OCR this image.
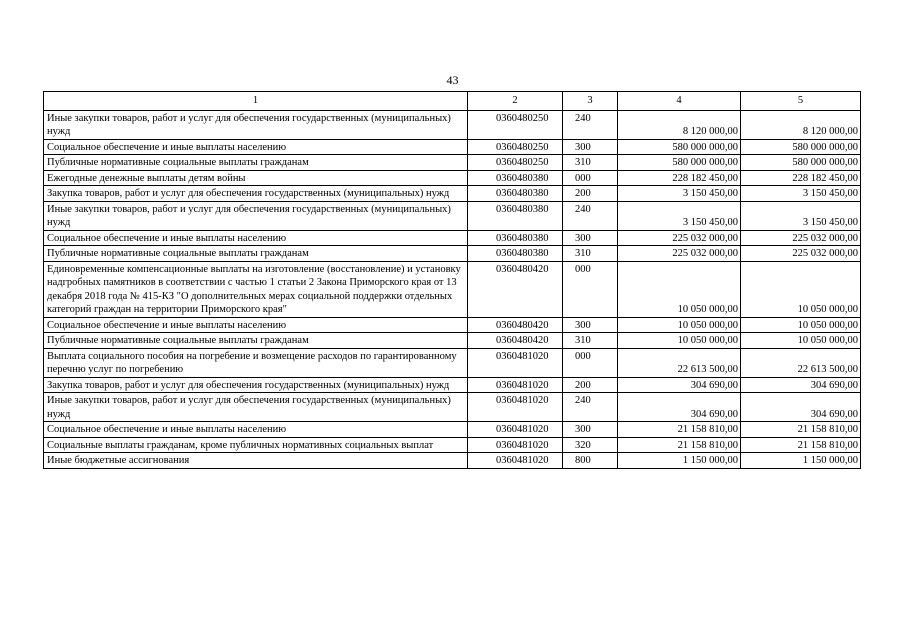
43
1	2	3	4	5
Иные закупки товаров, работ и услуг для обеспечения государственных (муниципальных) нужд	0360480250	240	8 120 000,00	8 120 000,00
Социальное обеспечение и иные выплаты населению	0360480250	300	580 000 000,00	580 000 000,00
Публичные нормативные социальные выплаты гражданам	0360480250	310	580 000 000,00	580 000 000,00
Ежегодные денежные выплаты детям войны	0360480380	000	228 182 450,00	228 182 450,00
Закупка товаров, работ и услуг для обеспечения государственных (муниципальных) нужд	0360480380	200	3 150 450,00	3 150 450,00
Иные закупки товаров, работ и услуг для обеспечения государственных (муниципальных) нужд	0360480380	240	3 150 450,00	3 150 450,00
Социальное обеспечение и иные выплаты населению	0360480380	300	225 032 000,00	225 032 000,00
Публичные нормативные социальные выплаты гражданам	0360480380	310	225 032 000,00	225 032 000,00
Единовременные компенсационные выплаты на изготовление (восстановление) и установку надгробных памятников в соответствии с частью 1 статьи 2 Закона Приморского края от 13 декабря 2018 года № 415-КЗ "О дополнительных мерах социальной поддержки отдельных категорий граждан на территории Приморского края"	0360480420	000	10 050 000,00	10 050 000,00
Социальное обеспечение и иные выплаты населению	0360480420	300	10 050 000,00	10 050 000,00
Публичные нормативные социальные выплаты гражданам	0360480420	310	10 050 000,00	10 050 000,00
Выплата социального пособия на погребение и возмещение расходов по гарантированному перечню услуг по погребению	0360481020	000	22 613 500,00	22 613 500,00
Закупка товаров, работ и услуг для обеспечения государственных (муниципальных) нужд	0360481020	200	304 690,00	304 690,00
Иные закупки товаров, работ и услуг для обеспечения государственных (муниципальных) нужд	0360481020	240	304 690,00	304 690,00
Социальное обеспечение и иные выплаты населению	0360481020	300	21 158 810,00	21 158 810,00
Социальные выплаты гражданам, кроме публичных нормативных социальных выплат	0360481020	320	21 158 810,00	21 158 810,00
Иные бюджетные ассигнования	0360481020	800	1 150 000,00	1 150 000,00
